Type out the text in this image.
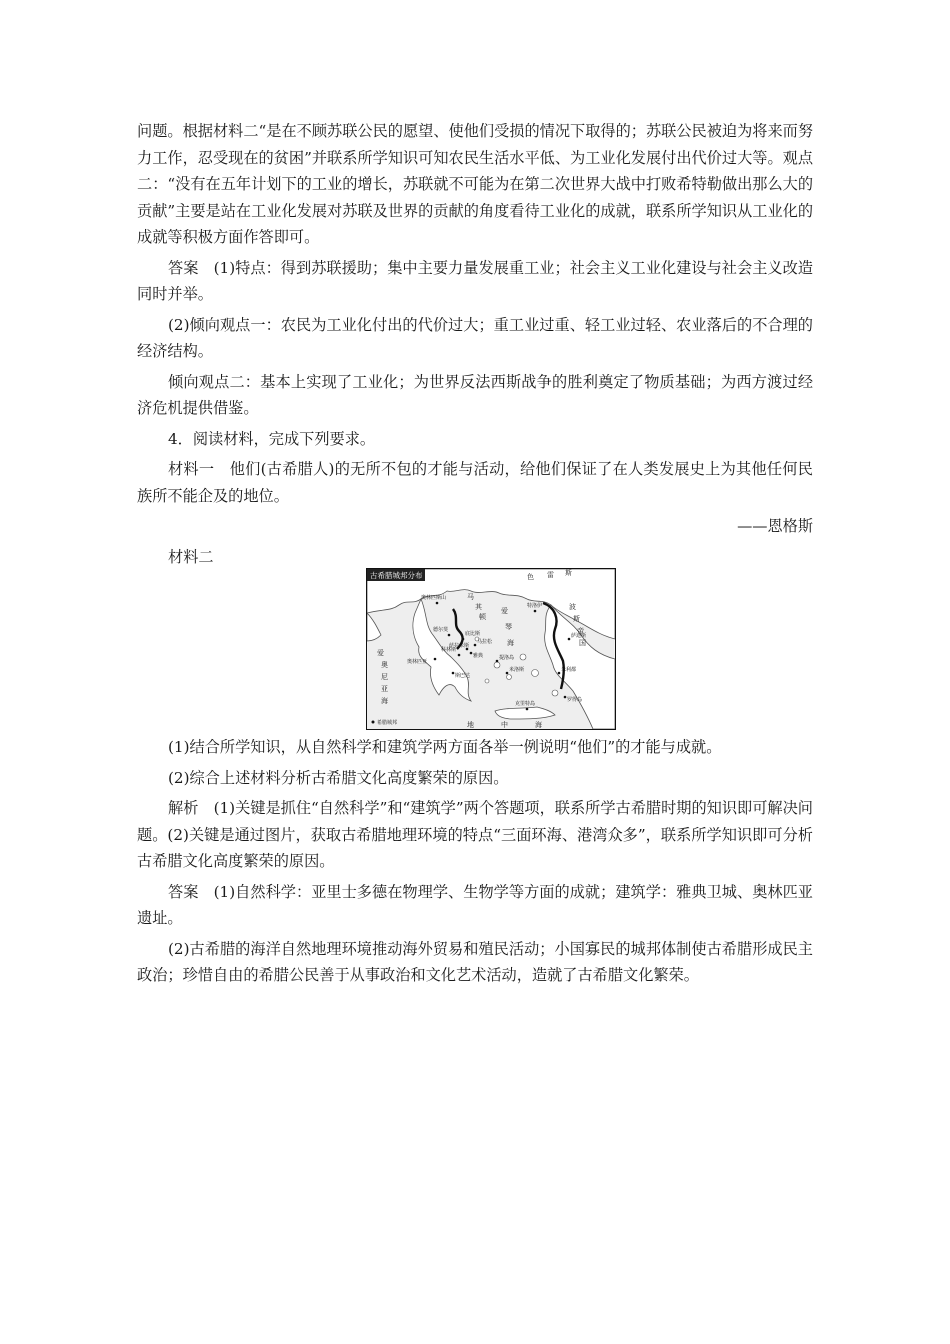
问题。根据材料二“是在不顾苏联公民的愿望、使他们受损的情况下取得的；苏联公民被迫为将来而努力工作，忍受现在的贫困”并联系所学知识可知农民生活水平低、为工业化发展付出代价过大等。观点二：“没有在五年计划下的工业的增长，苏联就不可能为在第二次世界大战中打败希特勒做出那么大的贡献”主要是站在工业化发展对苏联及世界的贡献的角度看待工业化的成就，联系所学知识从工业化的成就等积极方面作答即可。

答案　(1)特点：得到苏联援助；集中主要力量发展重工业；社会主义工业化建设与社会主义改造同时并举。

(2)倾向观点一：农民为工业化付出的代价过大；重工业过重、轻工业过轻、农业落后的不合理的经济结构。

倾向观点二：基本上实现了工业化；为世界反法西斯战争的胜利奠定了物质基础；为西方渡过经济危机提供借鉴。

4．阅读材料，完成下列要求。

材料一　他们(古希腊人)的无所不包的才能与活动，给他们保证了在人类发展史上为其他任何民族所不能企及的地位。

——恩格斯

材料二

古希腊城邦分布
爱
奥
尼
亚
海
色 雷 斯
马
其
顿
爱
琴
海
波
斯
帝
国
地	中	海
奥林匹斯山
特洛伊
萨迪斯
德尔斐
底比斯
雅典
科林斯
奥林匹亚
斯巴达
米利都
罗得岛
克里特岛
萨拉米斯
马拉松
提洛岛
米洛斯
希腊城邦

(1)结合所学知识，从自然科学和建筑学两方面各举一例说明“他们”的才能与成就。

(2)综合上述材料分析古希腊文化高度繁荣的原因。

解析　(1)关键是抓住“自然科学”和“建筑学”两个答题项，联系所学古希腊时期的知识即可解决问题。(2)关键是通过图片，获取古希腊地理环境的特点“三面环海、港湾众多”，联系所学知识即可分析古希腊文化高度繁荣的原因。

答案　(1)自然科学：亚里士多德在物理学、生物学等方面的成就；建筑学：雅典卫城、奥林匹亚遗址。

(2)古希腊的海洋自然地理环境推动海外贸易和殖民活动；小国寡民的城邦体制使古希腊形成民主政治；珍惜自由的希腊公民善于从事政治和文化艺术活动，造就了古希腊文化繁荣。
